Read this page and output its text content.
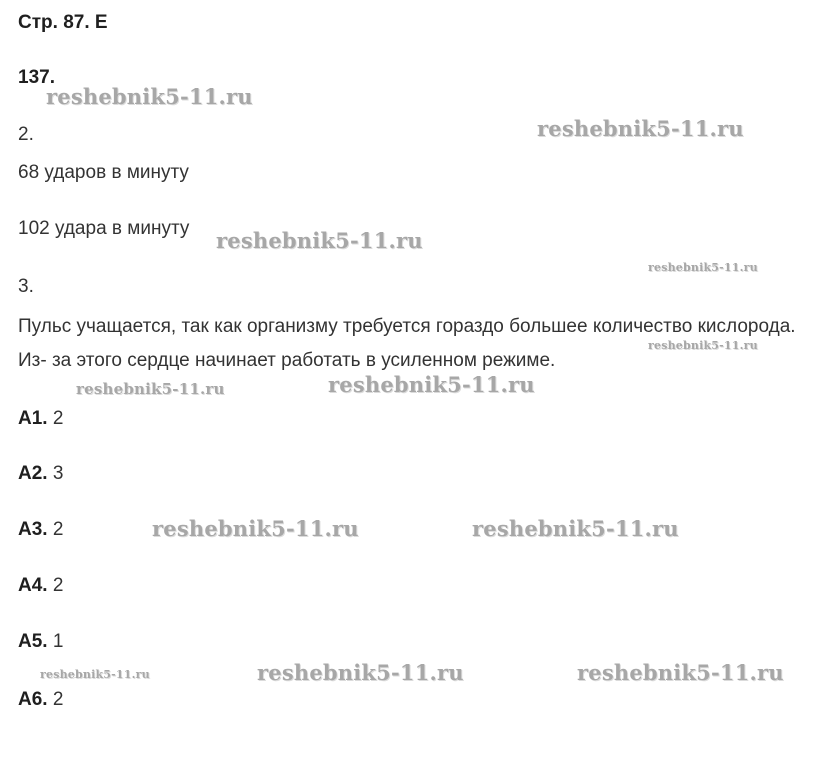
Стр. 87. Е
137.
2.
68 ударов в минуту
102 удара в минуту
3.
Пульс учащается, так как организму требуется гораздо большее количество кислорода. Из- за этого сердце начинает работать в усиленном режиме.
А1. 2
А2. 3
А3. 2
А4. 2
А5. 1
А6. 2
reshebnik5-11.ru
reshebnik5-11.ru
reshebnik5-11.ru
reshebnik5-11.ru
reshebnik5-11.ru
reshebnik5-11.ru	reshebnik5-11.ru
reshebnik5-11.ru	reshebnik5-11.ru
reshebnik5-11.ru	reshebnik5-11.ru	reshebnik5-11.ru
